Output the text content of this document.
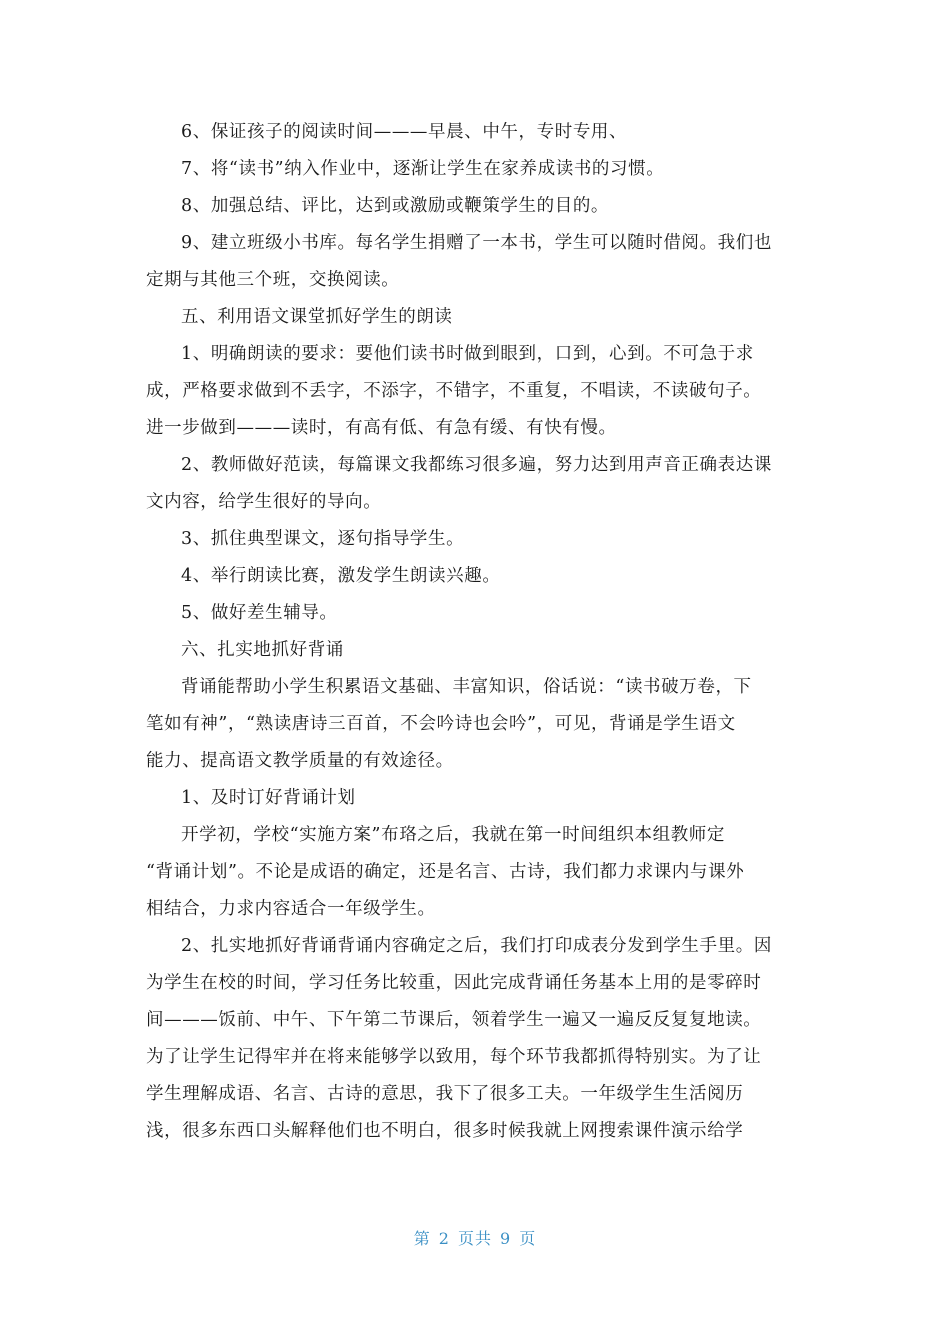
6、保证孩子的阅读时间———早晨、中午，专时专用、
7、将“读书”纳入作业中，逐渐让学生在家养成读书的习惯。
8、加强总结、评比，达到或激励或鞭策学生的目的。
9、建立班级小书库。每名学生捐赠了一本书，学生可以随时借阅。我们也
定期与其他三个班，交换阅读。
五、利用语文课堂抓好学生的朗读
1、明确朗读的要求：要他们读书时做到眼到，口到，心到。不可急于求
成，严格要求做到不丢字，不添字，不错字，不重复，不唱读，不读破句子。
进一步做到———读时，有高有低、有急有缓、有快有慢。
2、教师做好范读，每篇课文我都练习很多遍，努力达到用声音正确表达课
文内容，给学生很好的导向。
3、抓住典型课文，逐句指导学生。
4、举行朗读比赛，激发学生朗读兴趣。
5、做好差生辅导。
六、扎实地抓好背诵
背诵能帮助小学生积累语文基础、丰富知识，俗话说：“读书破万卷，下
笔如有神”，“熟读唐诗三百首，不会吟诗也会吟”，可见，背诵是学生语文
能力、提高语文教学质量的有效途径。
1、及时订好背诵计划
开学初，学校“实施方案”布珞之后，我就在第一时间组织本组教师定
“背诵计划”。不论是成语的确定，还是名言、古诗，我们都力求课内与课外
相结合，力求内容适合一年级学生。
2、扎实地抓好背诵背诵内容确定之后，我们打印成表分发到学生手里。因
为学生在校的时间，学习任务比较重，因此完成背诵任务基本上用的是零碎时
间———饭前、中午、下午第二节课后，领着学生一遍又一遍反反复复地读。
为了让学生记得牢并在将来能够学以致用，每个环节我都抓得特别实。为了让
学生理解成语、名言、古诗的意思，我下了很多工夫。一年级学生生活阅历
浅，很多东西口头解释他们也不明白，很多时候我就上网搜索课件演示给学
第 2 页共 9 页
